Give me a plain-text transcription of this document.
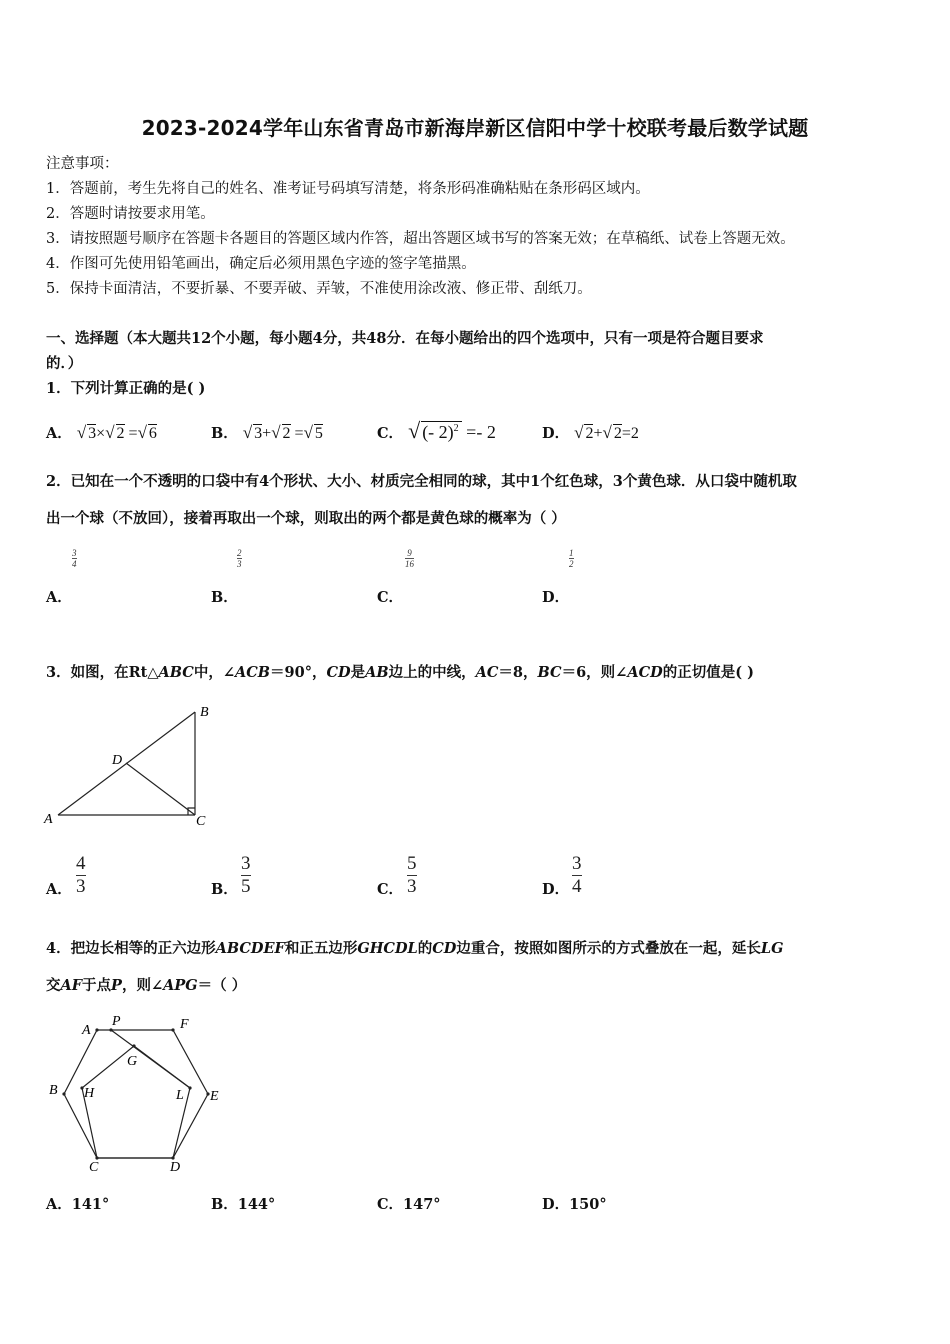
2023-2024学年山东省青岛市新海岸新区信阳中学十校联考最后数学试题
注意事项：
1．答题前，考生先将自己的姓名、准考证号码填写清楚，将条形码准确粘贴在条形码区域内。
2．答题时请按要求用笔。
3．请按照题号顺序在答题卡各题目的答题区域内作答，超出答题区域书写的答案无效；在草稿纸、试卷上答题无效。
4．作图可先使用铅笔画出，确定后必须用黑色字迹的签字笔描黑。
5．保持卡面清洁，不要折暴、不要弄破、弄皱，不准使用涂改液、修正带、刮纸刀。
一、选择题（本大题共12个小题，每小题4分，共48分．在每小题给出的四个选项中，只有一项是符合题目要求
的．）
1．下列计算正确的是( )
A． √ 3×√ 2 =√ 6	B． √ 3+√ 2 =√ 5	C． √ (- 2)$^2$ =- 2	D． √ 2+√ 2=2
2．已知在一个不透明的口袋中有4个形状、大小、材质完全相同的球，其中1个红色球，3个黄色球．从口袋中随机取
出一个球（不放回），接着再取出一个球，则取出的两个都是黄色球的概率为（ ）
$\frac{3}{4}$	$\frac{2}{3}$	$\frac{9}{16}$	$\frac{1}{2}$
A．	B．	C．	D．
3．如图，在Rt△ABC中，∠ACB＝90°，CD是AB边上的中线，AC＝8，BC＝6，则∠ACD的正切值是( )
A
B
C
D
A． $\frac{4}{3}$	B． $\frac{3}{5}$	C． $\frac{5}{3}$	D． $\frac{3}{4}$
4．把边长相等的正六边形ABCDEF和正五边形GHCDL的CD边重合，按照如图所示的方式叠放在一起，延长LG
交AF于点P，则∠APG＝（ ）
A
P	F
G
B H	L E
C	D
A．141°	B．144°	C．147°	D．150°
